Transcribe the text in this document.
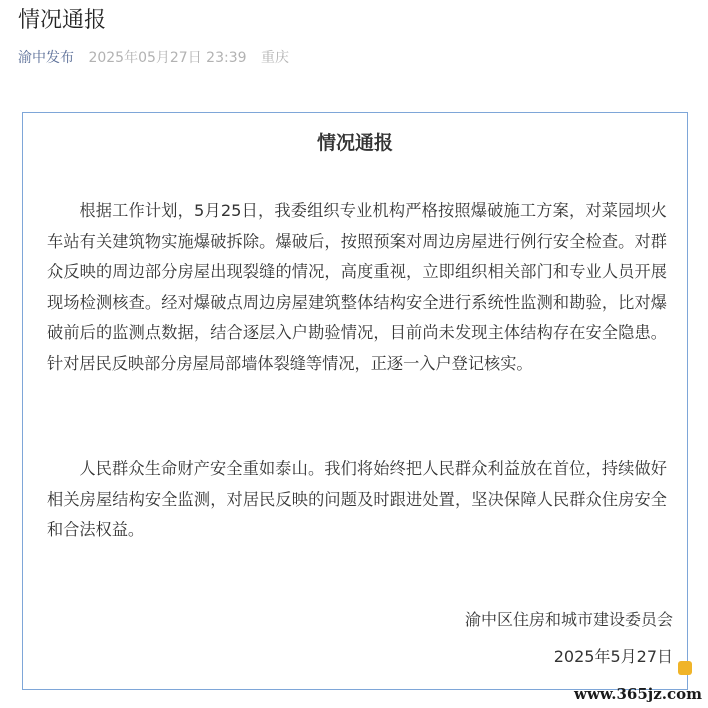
情况通报
渝中发布 2025年05月27日 23:39 重庆
情况通报

根据工作计划，5月25日，我委组织专业机构严格按照爆破施工方案，对菜园坝火车站有关建筑物实施爆破拆除。爆破后，按照预案对周边房屋进行例行安全检查。对群众反映的周边部分房屋出现裂缝的情况，高度重视，立即组织相关部门和专业人员开展现场检测核查。经对爆破点周边房屋建筑整体结构安全进行系统性监测和勘验，比对爆破前后的监测点数据，结合逐层入户勘验情况，目前尚未发现主体结构存在安全隐患。针对居民反映部分房屋局部墙体裂缝等情况，正逐一入户登记核实。

人民群众生命财产安全重如泰山。我们将始终把人民群众利益放在首位，持续做好相关房屋结构安全监测，对居民反映的问题及时跟进处置，坚决保障人民群众住房安全和合法权益。

渝中区住房和城市建设委员会
2025年5月27日
www.365jz.com
